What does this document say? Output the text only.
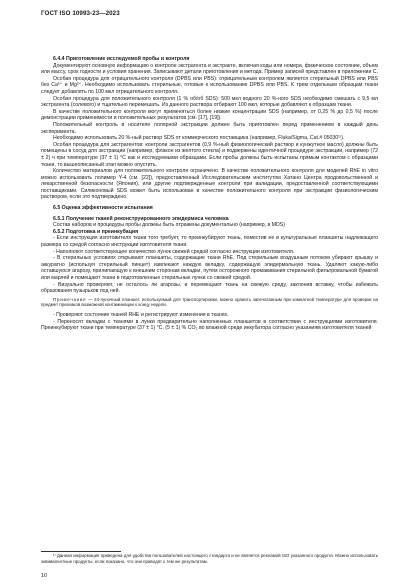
ГОСТ ISO 10993-23—2023

6.4.4 Приготовление исследуемой пробы и контроля

Документируют основную информацию о контроле экстрагента и экстракте, включая коды или номера, физическое состояние, объем или массу, срок годности и условия хранения. Записывают детали приготовления и метода. Пример записей представлен в приложении С.

Особая процедура для отрицательного контроля (DPBS или PBS): отрицательным контролем является стерильный DPBS или PBS без Ca²⁺ и Mg²⁺. Необходимо использовать стерильные, готовые к использованию DPBS или PBS. К трем отдельным образцам ткани следует добавлять по 100 мкл отрицательного контроля.

Особая процедура для положительного контроля (1 % об/об SDS): 500 мкл водного 20 %-ного SDS необходимо смешать с 9,5 мл экстрагента (солевого) и тщательно перемешать. Из данного раствора отбирают 100 мкл, которые добавляют к образцам ткани.

В качестве положительного контроля могут применяться более низкие концентрации SDS (например, от 0,25 % до 0,5 %) после демонстрации применимости и положительных результатов (см. [17], [19]).

Положительный контроль в носителе полярной экстракции должен быть приготовлен перед применением в каждый день эксперимента.

Необходимо использовать 20 %-ный раствор SDS от коммерческого поставщика (например, Fluka/Sigma, Cat.# 05030¹⁾).

Особая процедура для экстрагентов: контроли экстрагентов (0,9 %-ный физиологический раствор и кунжутное масло) должны быть помещены в сосуд для экстракции (например, флакон из желтого стекла) и подвержены идентичной процедуре экстракции, например (72 ± 2) ч при температуре (37 ± 1) °С как и исследуемыми образцами. Если пробы должны быть испытаны прямым контактом с образцами ткани, то вышеописанный этап можно опустить.

Количество материалов для положительного контроля ограничено. В качестве положительного контроля для моделей RhE in vitro можно использовать полимер Y-4 (см. [22]), предоставленный Исследовательским институтом Хатано Центра продовольственной и лекарственной безопасности (Япония), или другие подтвержденные контроли при валидации, предоставленной соответствующими поставщиками. Силиконовый SDS может быть использован в качестве положительного контроля при экстракции физиологическим раствором, если это подтверждено.

6.5 Оценка эффективности испытания

6.5.1 Получение тканей реконструированного эпидермиса человека

Состав наборов и процедуры пробы должны быть отражены документально (например, в MDS)

6.5.2 Подготовка и преинкубация

- Если инструкция изготовителя ткани того требует, то преинкубируют ткань, поместив ее в культуральные планшеты надлежащего размера со средой согласно инструкции изготовителя ткани.

- Наполняют соответствующее количество лунок свежей средой согласно инструкции изготовителя.

- В стерильных условиях открывают планшеты, содержащие ткани RhE. Под стерильным воздушным потоком убирают крышку и аккуратно (используя стерильный пинцет) извлекают каждую вкладку, содержащую эпидермальную ткань. Удаляют какую-либо оставшуюся агарозу, прилипающую к внешним сторонам вкладки, путем осторожного промакивания стерильной фильтровальной бумагой или марлей и помещают ткани в подготовленные стерильные лунки со свежей средой.

- Визуально проверяют, не осталось ли агарозы, и перемещают ткань на свежую среду, заклонив вставку, чтобы избежать образования пузырьков под ней.

Примечание — 24-луночный планшет, используемый для транспортировки, можно хранить запечатанным при комнатной температуре для проверки на предмет признаков возможной контаминации к концу недели.

- Проверяют состояние тканей RHE и регистрируют изменения в тканях.

- Переносят вкладки с тканями в лунки предварительно наполненных планшетов в соответствии с инструкциями изготовителя. Преинкубируют ткани при температуре (37 ± 1) °С, (5 ± 1) % CO₂ во влажной среде инкубатора согласно указаниям изготовителя тканей

¹⁾ Данная информация приведена для удобства пользователей настоящего стандарта и не является рекламой ISO указанного продукта. Можно использовать эквивалентные продукты, если показано, что они приводят к тем же результатам.
10
